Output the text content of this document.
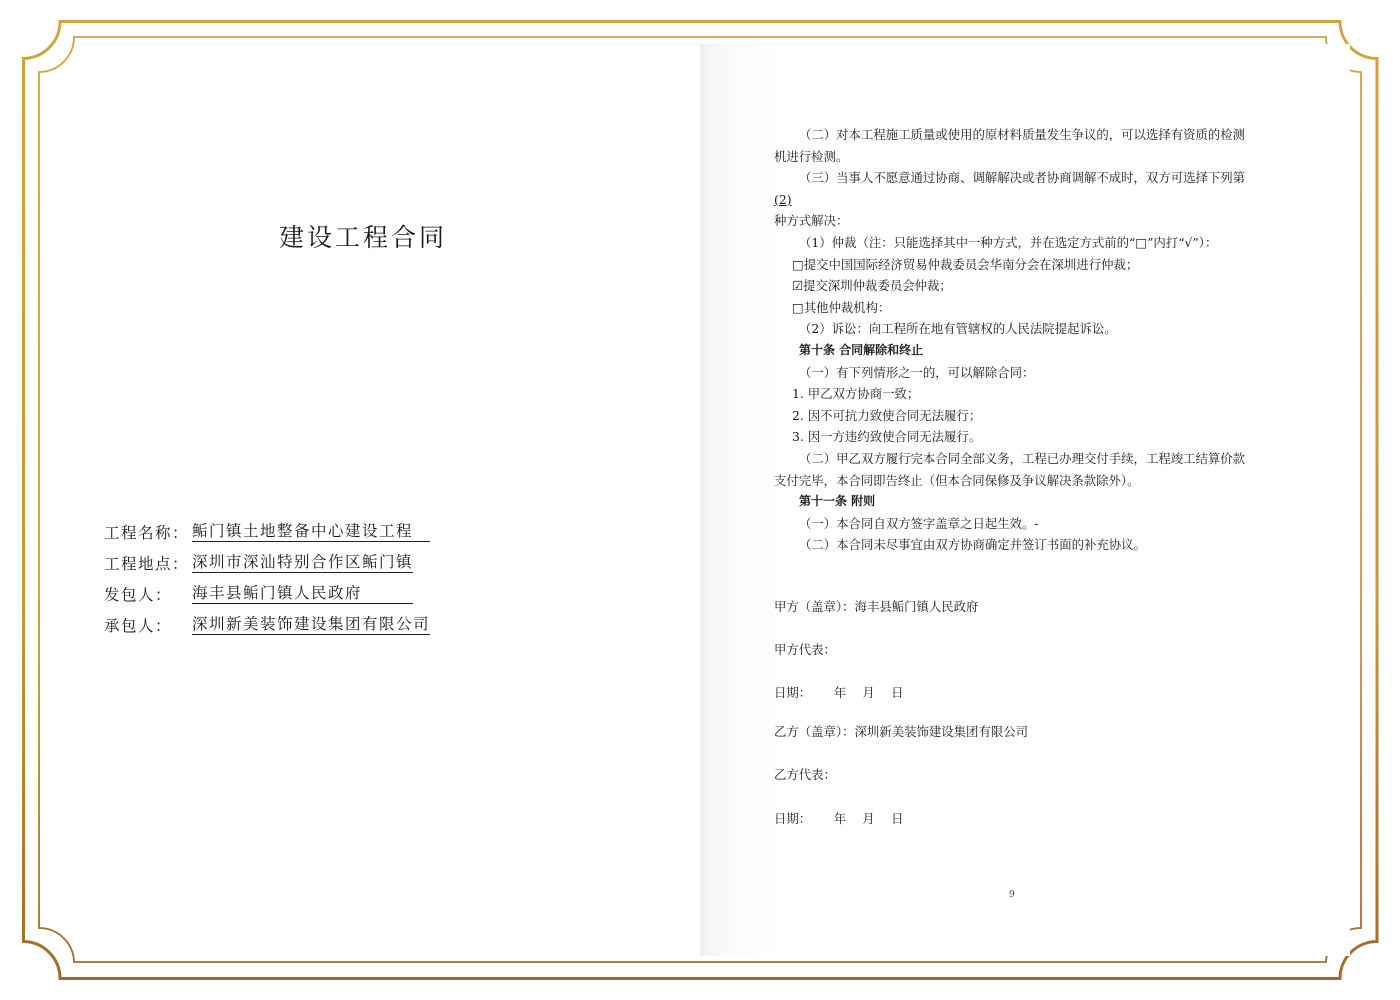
建设工程合同
工程名称： 鲘门镇土地整备中心建设工程　
工程地点： 深圳市深汕特别合作区鲘门镇
发包人：	海丰县鲘门镇人民政府　　　
承包人：	深圳新美装饰建设集团有限公司

（二）对本工程施工质量或使用的原材料质量发生争议的，可以选择有资质的检测机进行检测。

（三）当事人不愿意通过协商、调解解决或者协商调解不成时，双方可选择下列第(2)
种方式解决：

（1）仲裁（注：只能选择其中一种方式，并在选定方式前的“□”内打“√”）：

□提交中国国际经济贸易仲裁委员会华南分会在深圳进行仲裁；

☑提交深圳仲裁委员会仲裁；

□其他仲裁机构：

（2）诉讼：向工程所在地有管辖权的人民法院提起诉讼。

第十条 合同解除和终止

（一）有下列情形之一的，可以解除合同：

1. 甲乙双方协商一致；

2. 因不可抗力致使合同无法履行；

3. 因一方违约致使合同无法履行。

（二）甲乙双方履行完本合同全部义务，工程已办理交付手续，工程竣工结算价款支付完毕，本合同即告终止（但本合同保修及争议解决条款除外）。

第十一条 附则

（一）本合同自双方签字盖章之日起生效。-

（二）本合同未尽事宜由双方协商确定并签订书面的补充协议。

甲方（盖章）：海丰县鲘门镇人民政府
甲方代表：
日期：　　 年　 月　 日
乙方（盖章）：深圳新美装饰建设集团有限公司
乙方代表：
日期：　　 年　 月　 日
9
